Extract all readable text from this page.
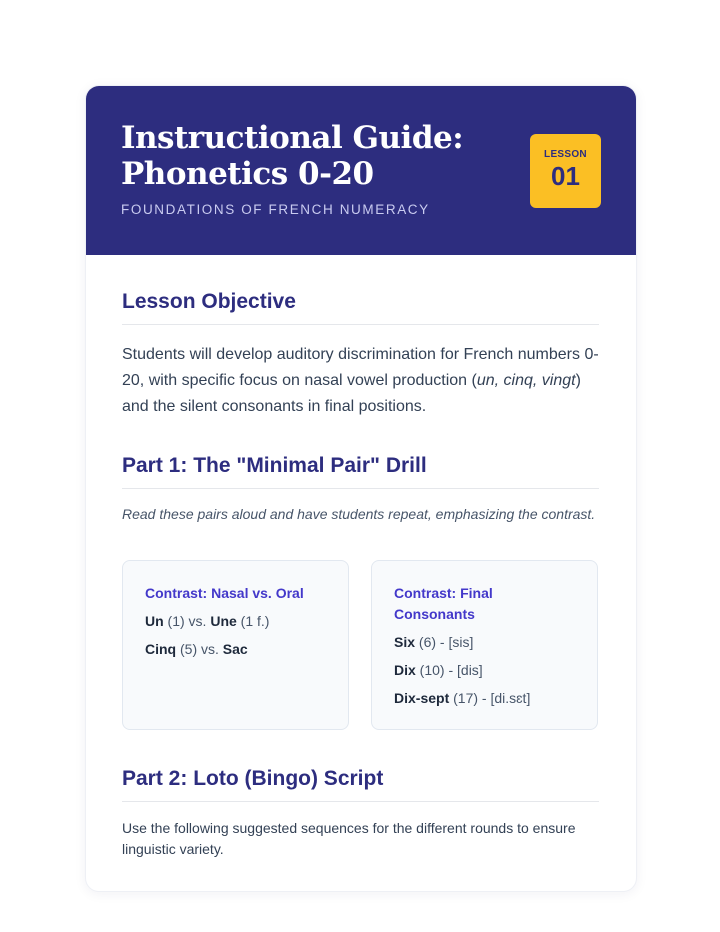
Instructional Guide:
Phonetics 0-20
FOUNDATIONS OF FRENCH NUMERACY
LESSON
01
Lesson Objective

Students will develop auditory discrimination for French numbers 0-20, with specific focus on nasal vowel production (un, cinq, vingt) and the silent consonants in final positions.

Part 1: The "Minimal Pair" Drill

Read these pairs aloud and have students repeat, emphasizing the contrast.

Contrast: Nasal vs. Oral
Un (1) vs. Une (1 f.)
Cinq (5) vs. Sac
Contrast: Final Consonants
Six (6) - [sis]
Dix (10) - [dis]
Dix-sept (17) - [di.sɛt]
Part 2: Loto (Bingo) Script

Use the following suggested sequences for the different rounds to ensure linguistic variety.
